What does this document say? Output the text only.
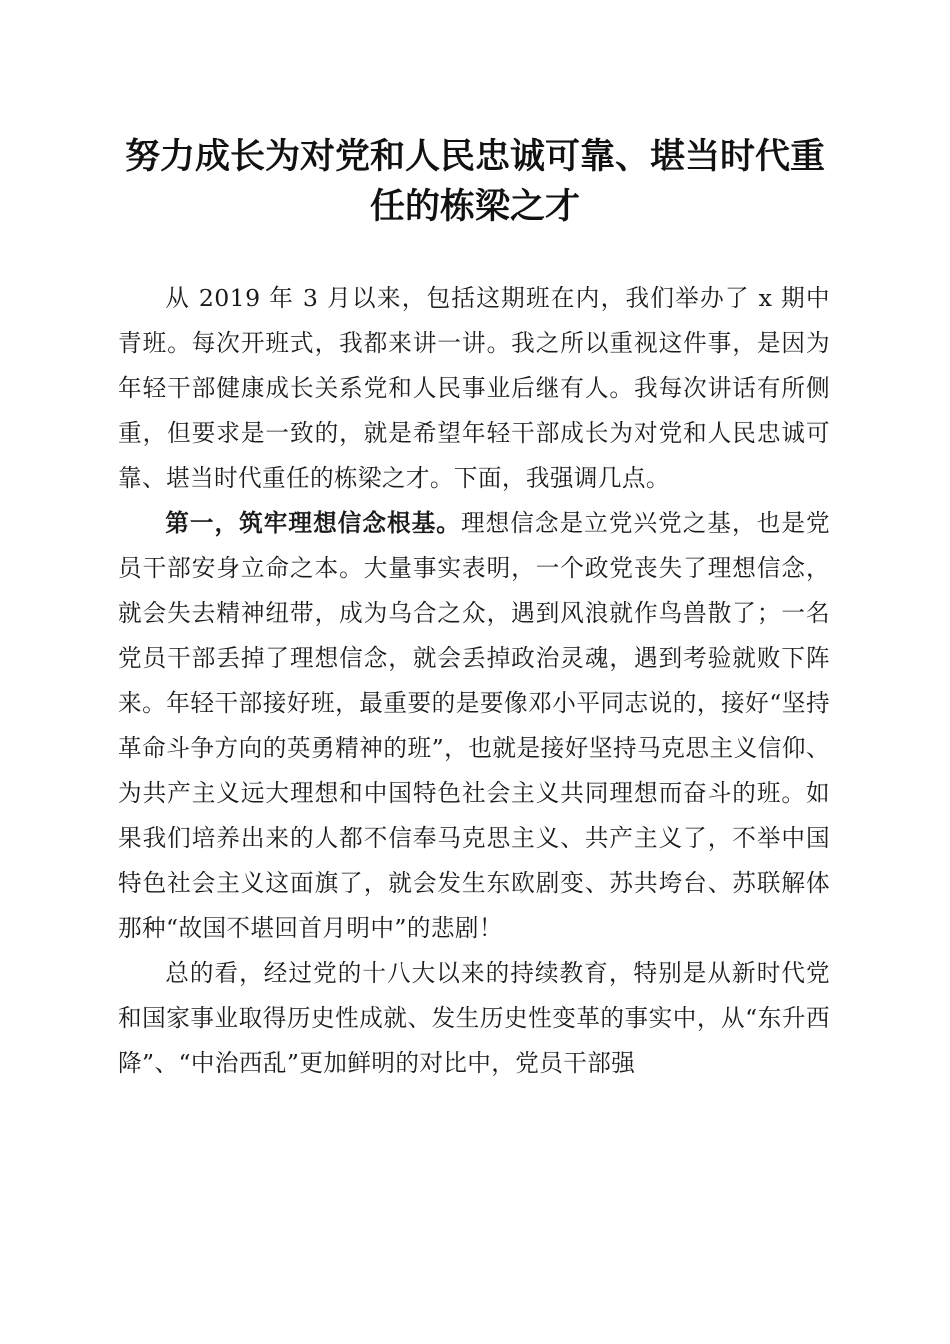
努力成长为对党和人民忠诚可靠、堪当时代重任的栋梁之才

从 2019 年 3 月以来，包括这期班在内，我们举办了 x 期中青班。每次开班式，我都来讲一讲。我之所以重视这件事，是因为年轻干部健康成长关系党和人民事业后继有人。我每次讲话有所侧重，但要求是一致的，就是希望年轻干部成长为对党和人民忠诚可靠、堪当时代重任的栋梁之才。下面，我强调几点。

第一，筑牢理想信念根基。理想信念是立党兴党之基，也是党员干部安身立命之本。大量事实表明，一个政党丧失了理想信念，就会失去精神纽带，成为乌合之众，遇到风浪就作鸟兽散了；一名党员干部丢掉了理想信念，就会丢掉政治灵魂，遇到考验就败下阵来。年轻干部接好班，最重要的是要像邓小平同志说的，接好“坚持革命斗争方向的英勇精神的班”，也就是接好坚持马克思主义信仰、为共产主义远大理想和中国特色社会主义共同理想而奋斗的班。如果我们培养出来的人都不信奉马克思主义、共产主义了，不举中国特色社会主义这面旗了，就会发生东欧剧变、苏共垮台、苏联解体那种“故国不堪回首月明中”的悲剧！

总的看，经过党的十八大以来的持续教育，特别是从新时代党和国家事业取得历史性成就、发生历史性变革的事实中，从“东升西降”、“中治西乱”更加鲜明的对比中，党员干部强
